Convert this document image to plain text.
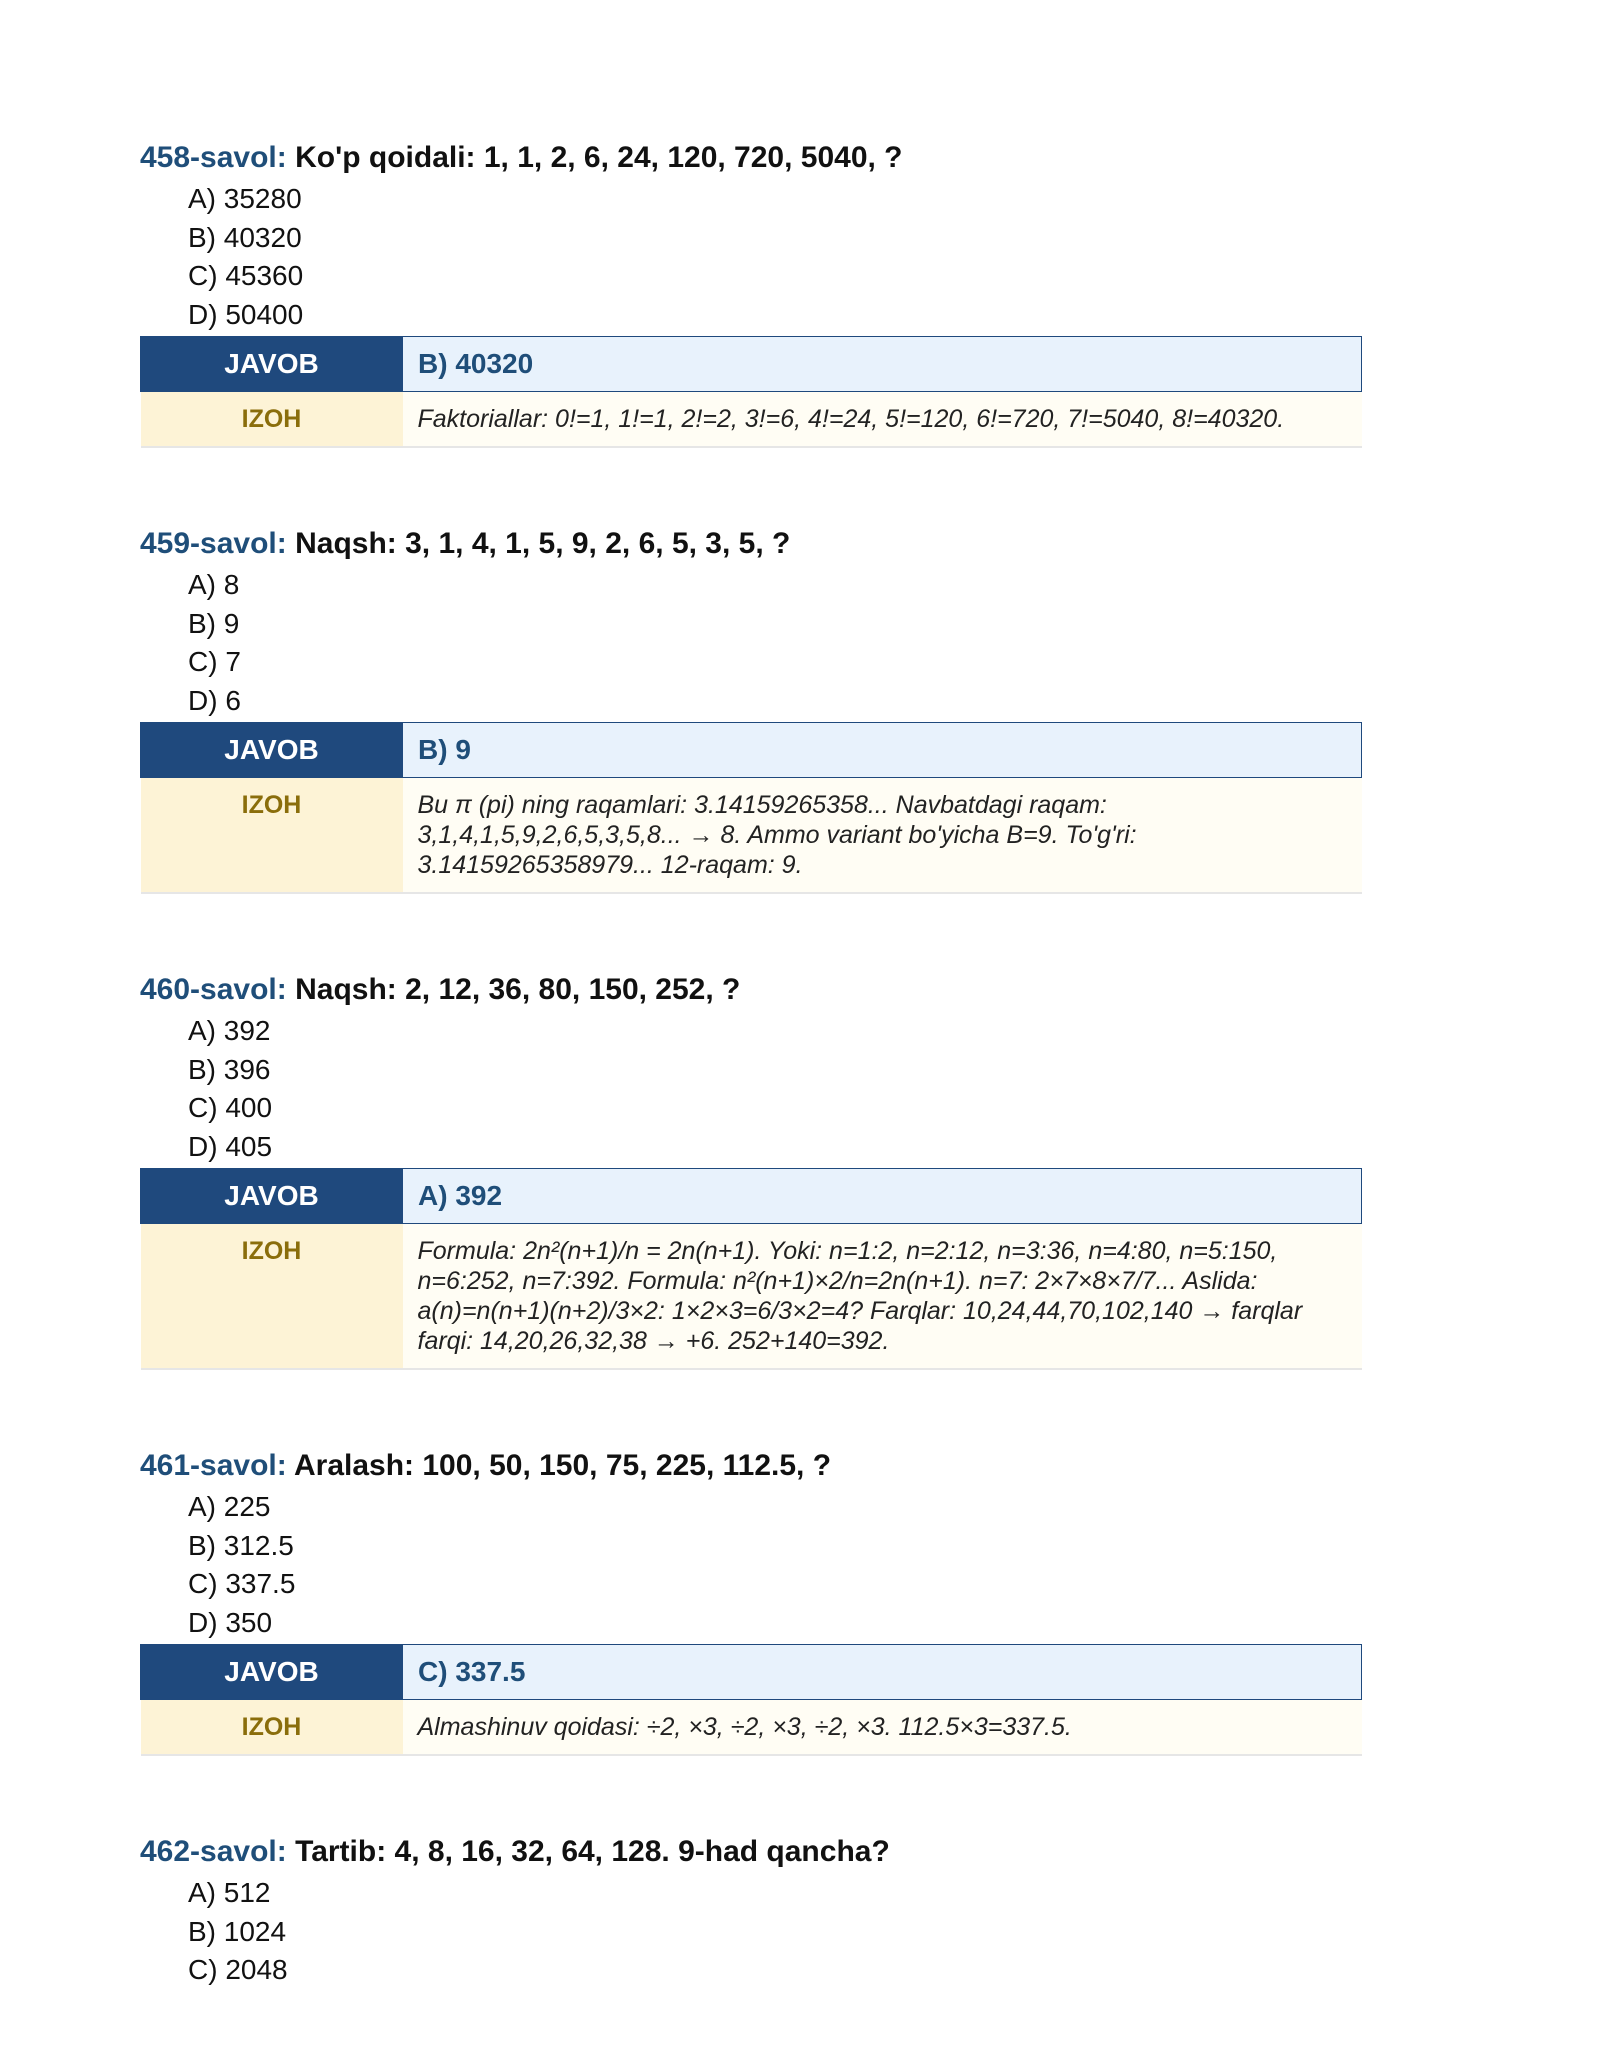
458-savol: Ko'p qoidali: 1, 1, 2, 6, 24, 120, 720, 5040, ?
A) 35280
B) 40320
C) 45360
D) 50400
JAVOB	B) 40320
IZOH	Faktoriallar: 0!=1, 1!=1, 2!=2, 3!=6, 4!=24, 5!=120, 6!=720, 7!=5040, 8!=40320.
459-savol: Naqsh: 3, 1, 4, 1, 5, 9, 2, 6, 5, 3, 5, ?
A) 8
B) 9
C) 7
D) 6
JAVOB	B) 9
IZOH	Bu π (pi) ning raqamlari: 3.14159265358... Navbatdagi raqam: 3,1,4,1,5,9,2,6,5,3,5,8... → 8. Ammo variant bo'yicha B=9. To'g'ri: 3.14159265358979... 12-raqam: 9.
460-savol: Naqsh: 2, 12, 36, 80, 150, 252, ?
A) 392
B) 396
C) 400
D) 405
JAVOB	A) 392
IZOH	Formula: 2n²(n+1)/n = 2n(n+1). Yoki: n=1:2, n=2:12, n=3:36, n=4:80, n=5:150, n=6:252, n=7:392. Formula: n²(n+1)×2/n=2n(n+1). n=7: 2×7×8×7/7... Aslida: a(n)=n(n+1)(n+2)/3×2: 1×2×3=6/3×2=4? Farqlar: 10,24,44,70,102,140 → farqlar farqi: 14,20,26,32,38 → +6. 252+140=392.
461-savol: Aralash: 100, 50, 150, 75, 225, 112.5, ?
A) 225
B) 312.5
C) 337.5
D) 350
JAVOB	C) 337.5
IZOH	Almashinuv qoidasi: ÷2, ×3, ÷2, ×3, ÷2, ×3. 112.5×3=337.5.
462-savol: Tartib: 4, 8, 16, 32, 64, 128. 9-had qancha?
A) 512
B) 1024
C) 2048
